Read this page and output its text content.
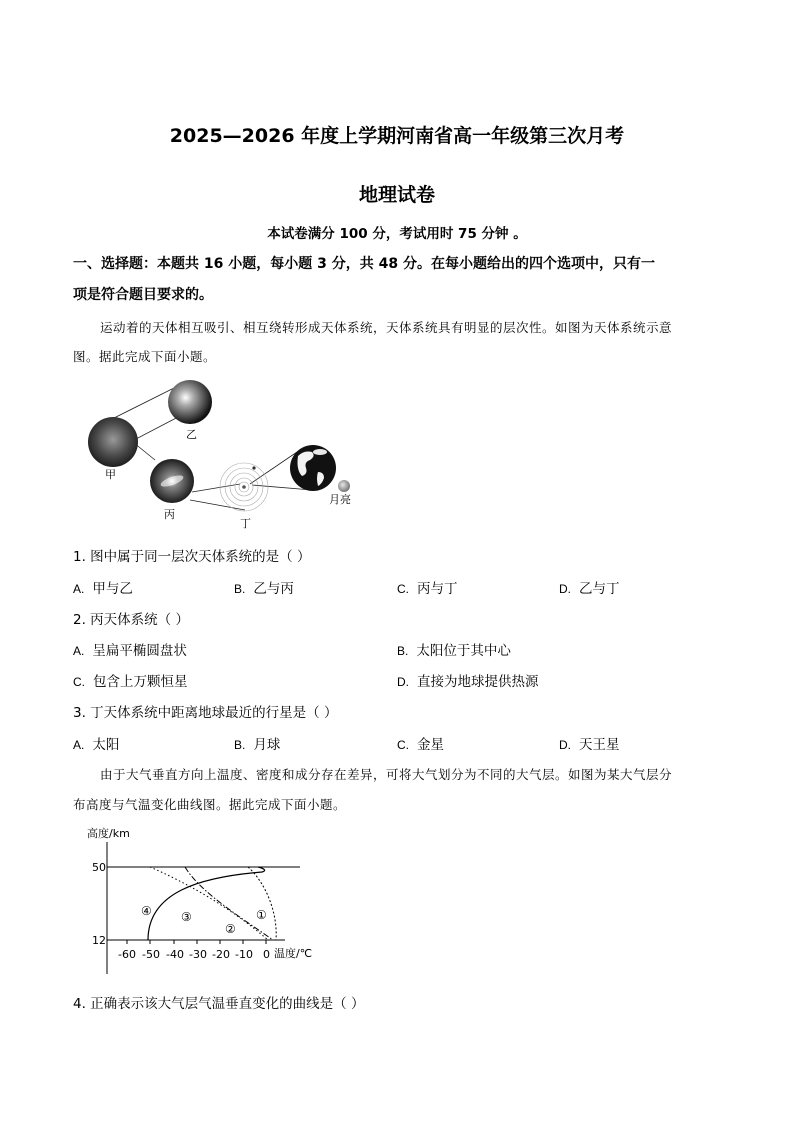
2025—2026 年度上学期河南省高一年级第三次月考
地理试卷
本试卷满分 100 分，考试用时 75 分钟 。
一、选择题：本题共 16 小题，每小题 3 分，共 48 分。在每小题给出的四个选项中，只有一
项是符合题目要求的。
运动着的天体相互吸引、相互绕转形成天体系统，天体系统具有明显的层次性。如图为天体系统示意
图。据此完成下面小题。
甲
乙
丙
丁
月亮
1. 图中属于同一层次天体系统的是（ ）
A. 甲与乙	B. 乙与丙	C. 丙与丁	D. 乙与丁
2. 丙天体系统（ ）
A. 呈扁平椭圆盘状	B. 太阳位于其中心
C. 包含上万颗恒星	D. 直接为地球提供热源
3. 丁天体系统中距离地球最近的行星是（ ）
A. 太阳	B. 月球	C. 金星	D. 天王星
由于大气垂直方向上温度、密度和成分存在差异，可将大气划分为不同的大气层。如图为某大气层分
布高度与气温变化曲线图。据此完成下面小题。
高度/km
50
12
-60 -50 -40 -30 -20 -10 0 温度/℃
①
②
③
④
4. 正确表示该大气层气温垂直变化的曲线是（ ）
